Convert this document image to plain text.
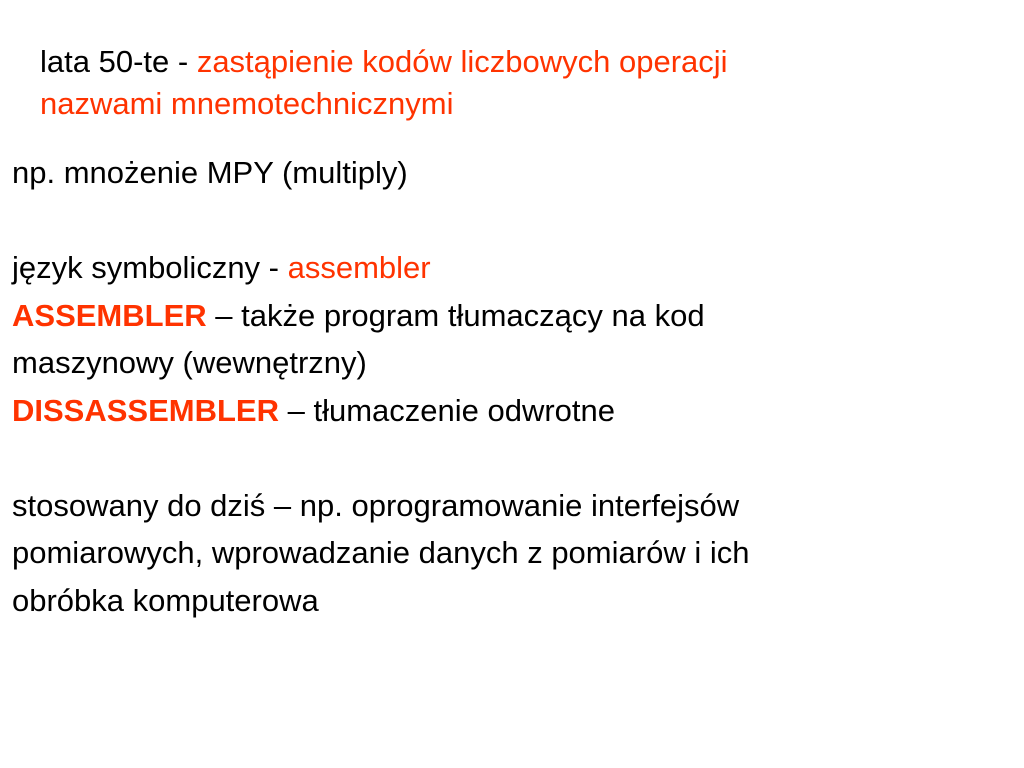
lata 50-te - zastąpienie kodów liczbowych operacji
nazwami mnemotechnicznymi
np. mnożenie MPY (multiply)
język symboliczny - assembler
ASSEMBLER – także program tłumaczący na kod
maszynowy (wewnętrzny)
DISSASSEMBLER – tłumaczenie odwrotne
stosowany do dziś – np. oprogramowanie interfejsów
pomiarowych, wprowadzanie danych z pomiarów i ich
obróbka komputerowa
